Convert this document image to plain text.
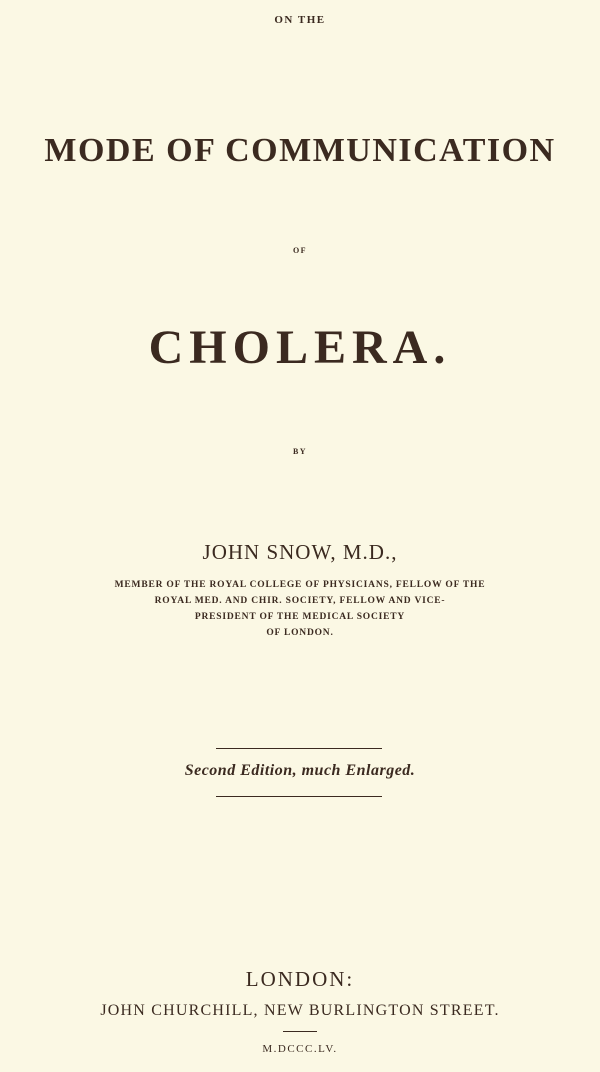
ON THE
MODE OF COMMUNICATION
OF
CHOLERA.
BY
JOHN SNOW, M.D.,
MEMBER OF THE ROYAL COLLEGE OF PHYSICIANS, FELLOW OF THE
ROYAL MED. AND CHIR. SOCIETY, FELLOW AND VICE-
PRESIDENT OF THE MEDICAL SOCIETY
OF LONDON.
Second Edition, much Enlarged.
LONDON:
JOHN CHURCHILL, NEW BURLINGTON STREET.
M.DCCC.LV.
